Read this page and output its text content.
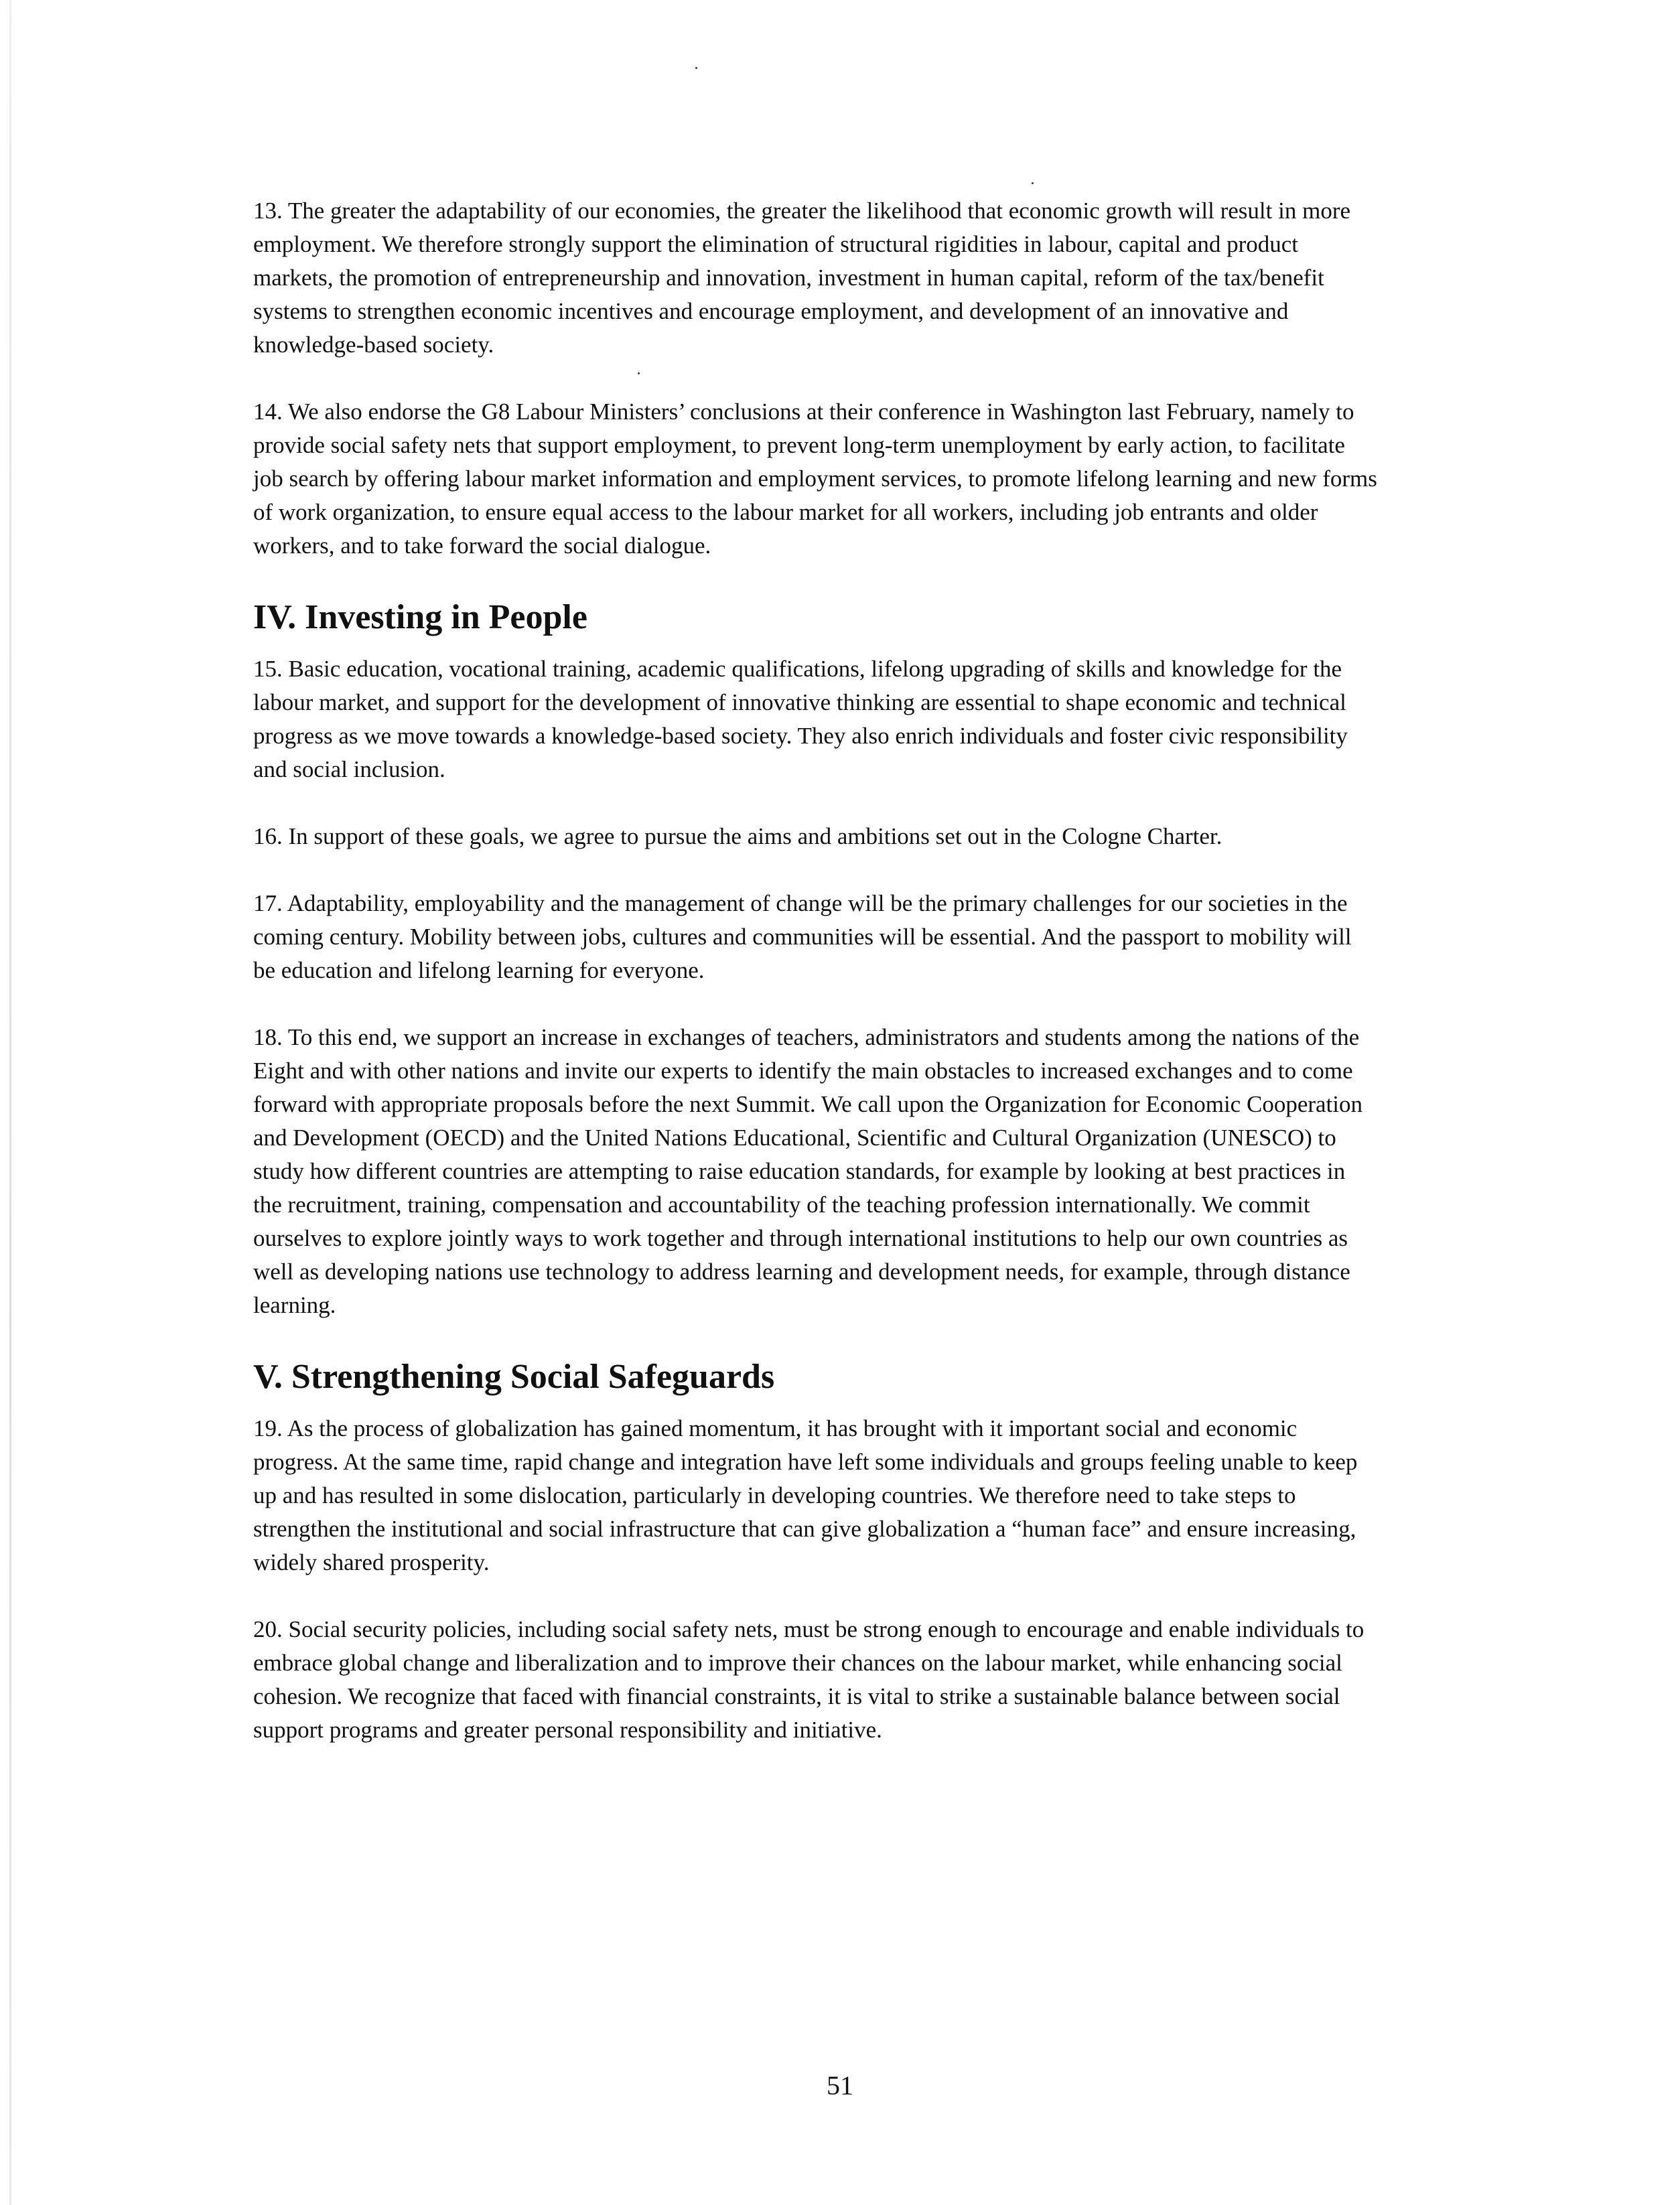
13. The greater the adaptability of our economies, the greater the likelihood that economic growth will result in more employment. We therefore strongly support the elimination of structural rigidities in labour, capital and product markets, the promotion of entrepreneurship and innovation, investment in human capital, reform of the tax/benefit systems to strengthen economic incentives and encourage employment, and development of an innovative and knowledge-based society.

14. We also endorse the G8 Labour Ministers’ conclusions at their conference in Washington last February, namely to provide social safety nets that support employment, to prevent long-term unemployment by early action, to facilitate job search by offering labour market information and employment services, to promote lifelong learning and new forms of work organization, to ensure equal access to the labour market for all workers, including job entrants and older workers, and to take forward the social dialogue.

IV. Investing in People

15. Basic education, vocational training, academic qualifications, lifelong upgrading of skills and knowledge for the labour market, and support for the development of innovative thinking are essential to shape economic and technical progress as we move towards a knowledge-based society. They also enrich individuals and foster civic responsibility and social inclusion.

16. In support of these goals, we agree to pursue the aims and ambitions set out in the Cologne Charter.

17. Adaptability, employability and the management of change will be the primary challenges for our societies in the coming century. Mobility between jobs, cultures and communities will be essential. And the passport to mobility will be education and lifelong learning for everyone.

18. To this end, we support an increase in exchanges of teachers, administrators and students among the nations of the Eight and with other nations and invite our experts to identify the main obstacles to increased exchanges and to come forward with appropriate proposals before the next Summit. We call upon the Organization for Economic Cooperation and Development (OECD) and the United Nations Educational, Scientific and Cultural Organization (UNESCO) to study how different countries are attempting to raise education standards, for example by looking at best practices in the recruitment, training, compensation and accountability of the teaching profession internationally. We commit ourselves to explore jointly ways to work together and through international institutions to help our own countries as well as developing nations use technology to address learning and development needs, for example, through distance learning.

V. Strengthening Social Safeguards

19. As the process of globalization has gained momentum, it has brought with it important social and economic progress. At the same time, rapid change and integration have left some individuals and groups feeling unable to keep up and has resulted in some dislocation, particularly in developing countries. We therefore need to take steps to strengthen the institutional and social infrastructure that can give globalization a “human face” and ensure increasing, widely shared prosperity.

20. Social security policies, including social safety nets, must be strong enough to encourage and enable individuals to embrace global change and liberalization and to improve their chances on the labour market, while enhancing social cohesion. We recognize that faced with financial constraints, it is vital to strike a sustainable balance between social support programs and greater personal responsibility and initiative.

51
